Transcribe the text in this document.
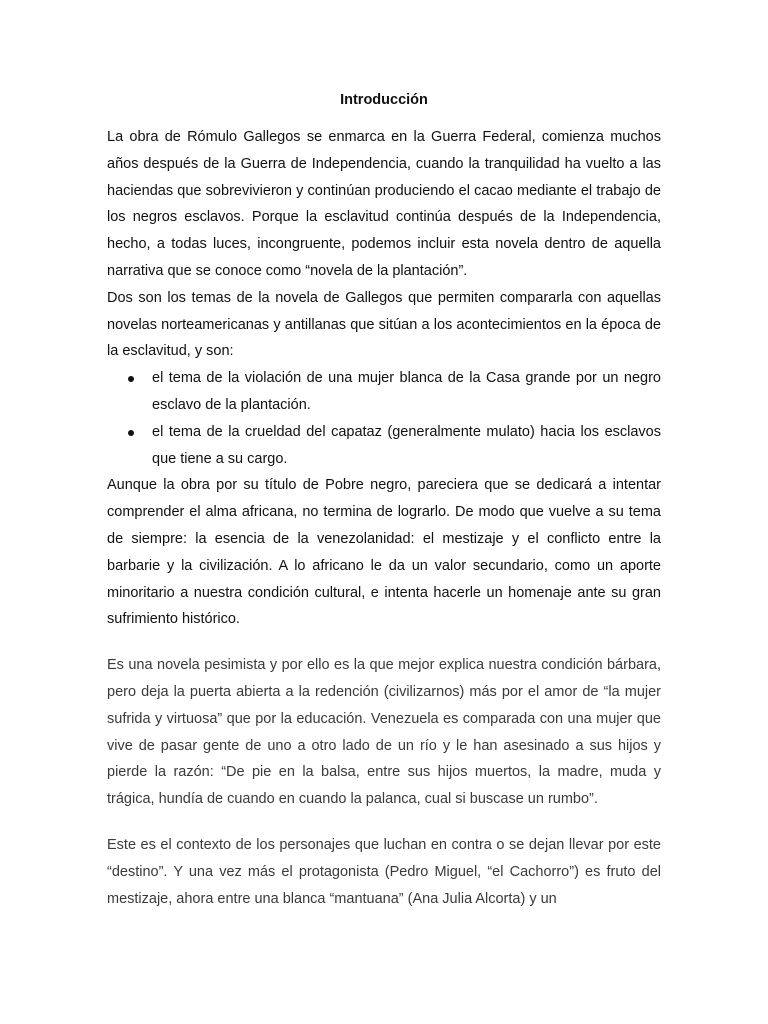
Introducción

La obra de Rómulo Gallegos se enmarca en la Guerra Federal, comienza muchos años después de la Guerra de Independencia, cuando la tranquilidad ha vuelto a las haciendas que sobrevivieron y continúan produciendo el cacao mediante el trabajo de los negros esclavos. Porque la esclavitud continúa después de la Independencia, hecho, a todas luces, incongruente, podemos incluir esta novela dentro de aquella narrativa que se conoce como “novela de la plantación”.

Dos son los temas de la novela de Gallegos que permiten compararla con aquellas novelas norteamericanas y antillanas que sitúan a los acontecimientos en la época de la esclavitud, y son:

el tema de la violación de una mujer blanca de la Casa grande por un negro esclavo de la plantación.
el tema de la crueldad del capataz (generalmente mulato) hacia los esclavos que tiene a su cargo.

Aunque la obra por su título de Pobre negro, pareciera que se dedicará a intentar comprender el alma africana, no termina de lograrlo. De modo que vuelve a su tema de siempre: la esencia de la venezolanidad: el mestizaje y el conflicto entre la barbarie y la civilización. A lo africano le da un valor secundario, como un aporte minoritario a nuestra condición cultural, e intenta hacerle un homenaje ante su gran sufrimiento histórico.

Es una novela pesimista y por ello es la que mejor explica nuestra condición bárbara, pero deja la puerta abierta a la redención (civilizarnos) más por el amor de “la mujer sufrida y virtuosa” que por la educación. Venezuela es comparada con una mujer que vive de pasar gente de uno a otro lado de un río y le han asesinado a sus hijos y pierde la razón: “De pie en la balsa, entre sus hijos muertos, la madre, muda y trágica, hundía de cuando en cuando la palanca, cual si buscase un rumbo”.

Este es el contexto de los personajes que luchan en contra o se dejan llevar por este “destino”. Y una vez más el protagonista (Pedro Miguel, “el Cachorro”) es fruto del mestizaje, ahora entre una blanca “mantuana” (Ana Julia Alcorta) y un
